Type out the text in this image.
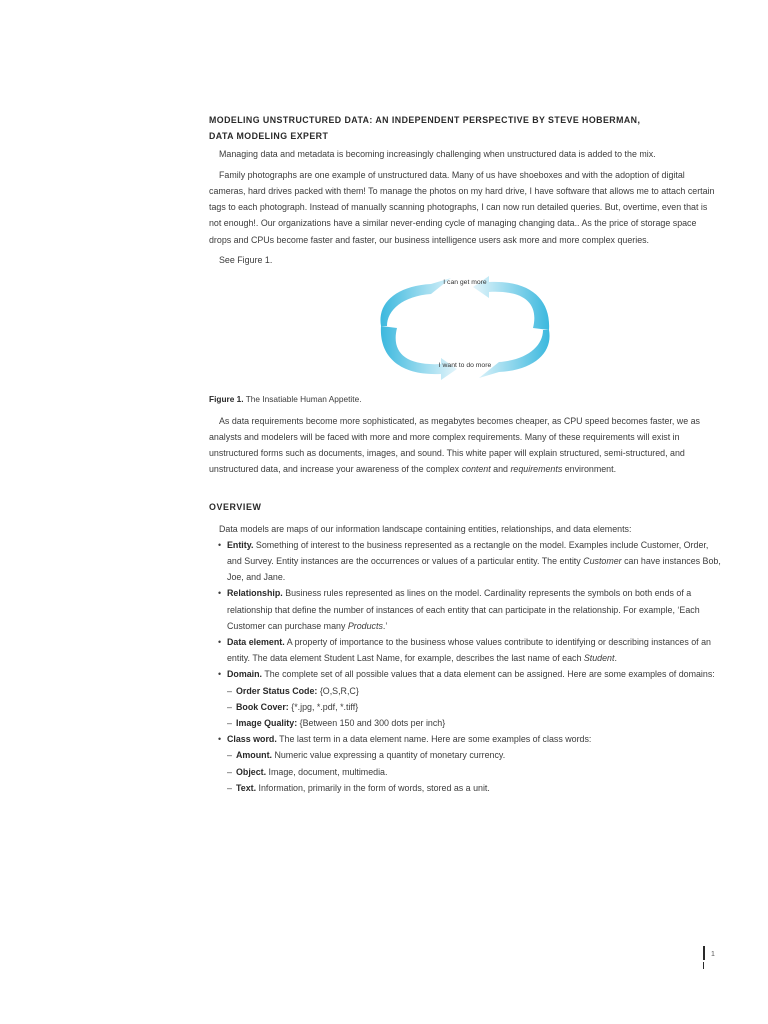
MODELING UNSTRUCTURED DATA: AN INDEPENDENT PERSPECTIVE BY STEVE HOBERMAN,
DATA MODELING EXPERT

Managing data and metadata is becoming increasingly challenging when unstructured data is added to the mix.

Family photographs are one example of unstructured data. Many of us have shoeboxes and with the adoption of digital cameras, hard drives packed with them! To manage the photos on my hard drive, I have software that allows me to attach certain tags to each photograph. Instead of manually scanning photographs, I can now run detailed queries. But, overtime, even that is not enough!. Our organizations have a similar never-ending cycle of managing changing data.. As the price of storage space drops and CPUs become faster and faster, our business intelligence users ask more and more complex queries.

See Figure 1.

I can get more
I want to do more
Figure 1. The Insatiable Human Appetite.

As data requirements become more sophisticated, as megabytes becomes cheaper, as CPU speed becomes faster, we as analysts and modelers will be faced with more and more complex requirements. Many of these requirements will exist in unstructured forms such as documents, images, and sound. This white paper will explain structured, semi-structured, and unstructured data, and increase your awareness of the complex content and requirements environment.

OVERVIEW

Data models are maps of our information landscape containing entities, relationships, and data elements:

• Entity. Something of interest to the business represented as a rectangle on the model. Examples include Customer, Order, and Survey. Entity instances are the occurrences or values of a particular entity. The entity Customer can have instances Bob, Joe, and Jane.
• Relationship. Business rules represented as lines on the model. Cardinality represents the symbols on both ends of a relationship that define the number of instances of each entity that can participate in the relationship. For example, ‘Each Customer can purchase many Products.’
• Data element. A property of importance to the business whose values contribute to identifying or describing instances of an entity. The data element Student Last Name, for example, describes the last name of each Student.
• Domain. The complete set of all possible values that a data element can be assigned. Here are some examples of domains:
– Order Status Code: {O,S,R,C}
– Book Cover: {*.jpg, *.pdf, *.tiff}
– Image Quality: {Between 150 and 300 dots per inch}
• Class word. The last term in a data element name. Here are some examples of class words:
– Amount. Numeric value expressing a quantity of monetary currency.
– Object. Image, document, multimedia.
– Text. Information, primarily in the form of words, stored as a unit.
1
